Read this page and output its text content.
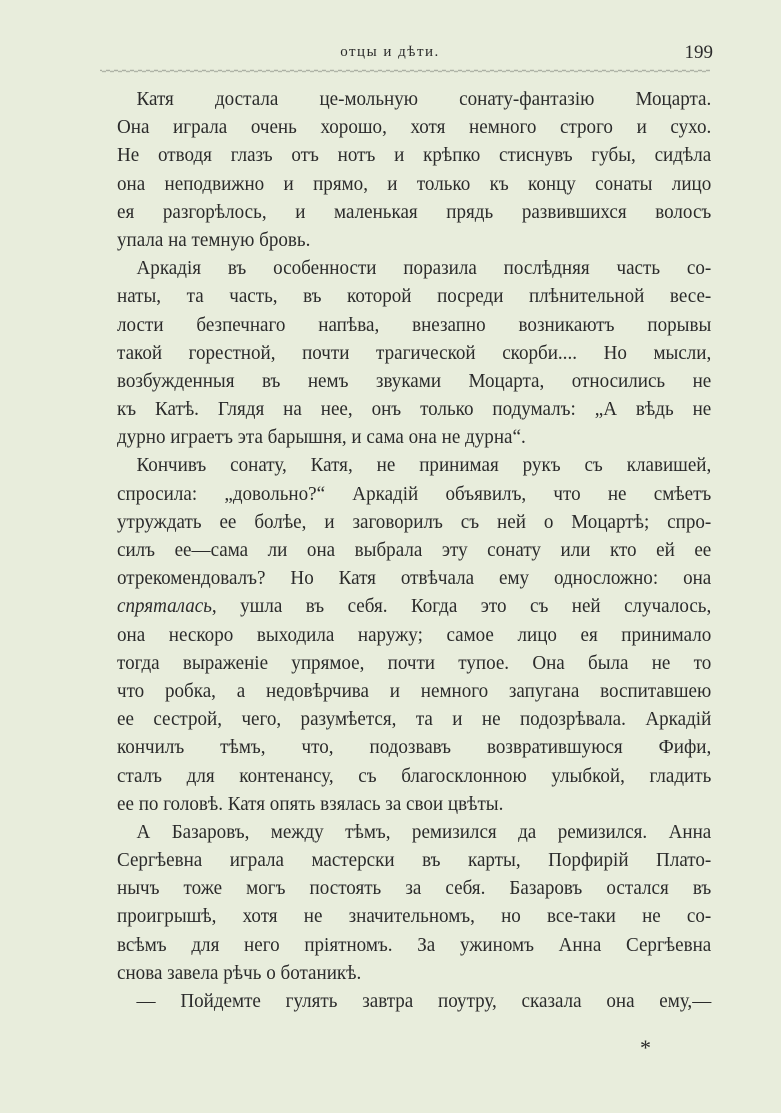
отцы и дѣти.	199
Катя достала це-мольную сонату-фантазію Моцарта.
Она играла очень хорошо, хотя немного строго и сухо.
Не отводя глазъ отъ нотъ и крѣпко стиснувъ губы, сидѣла
она неподвижно и прямо, и только къ концу сонаты лицо
ея разгорѣлось, и маленькая прядь развившихся волосъ
упала на темную бровь.
Аркадія въ особенности поразила послѣдняя часть со-
наты, та часть, въ которой посреди плѣнительной весе-
лости безпечнаго напѣва, внезапно возникаютъ порывы
такой горестной, почти трагической скорби.... Но мысли,
возбужденныя въ немъ звуками Моцарта, относились не
къ Катѣ. Глядя на нее, онъ только подумалъ: „А вѣдь не
дурно играетъ эта барышня, и сама она не дурна“.
Кончивъ сонату, Катя, не принимая рукъ съ клавишей,
спросила: „довольно?“ Аркадій объявилъ, что не смѣетъ
утруждать ее болѣе, и заговорилъ съ ней о Моцартѣ; спро-
силъ ее—сама ли она выбрала эту сонату или кто ей ее
отрекомендовалъ? Но Катя отвѣчала ему односложно: она
спряталась, ушла въ себя. Когда это съ ней случалось,
она нескоро выходила наружу; самое лицо ея принимало
тогда выраженіе упрямое, почти тупое. Она была не то
что робка, а недовѣрчива и немного запугана воспитавшею
ее сестрой, чего, разумѣется, та и не подозрѣвала. Аркадій
кончилъ тѣмъ, что, подозвавъ возвратившуюся Фифи,
сталъ для контенансу, съ благосклонною улыбкой, гладить
ее по головѣ. Катя опять взялась за свои цвѣты.
А Базаровъ, между тѣмъ, ремизился да ремизился. Анна
Сергѣевна играла мастерски въ карты, Порфирій Плато-
нычъ тоже могъ постоять за себя. Базаровъ остался въ
проигрышѣ, хотя не значительномъ, но все-таки не со-
всѣмъ для него пріятномъ. За ужиномъ Анна Сергѣевна
снова завела рѣчь о ботаникѣ.
— Пойдемте гулять завтра поутру, сказала она ему,—
*
